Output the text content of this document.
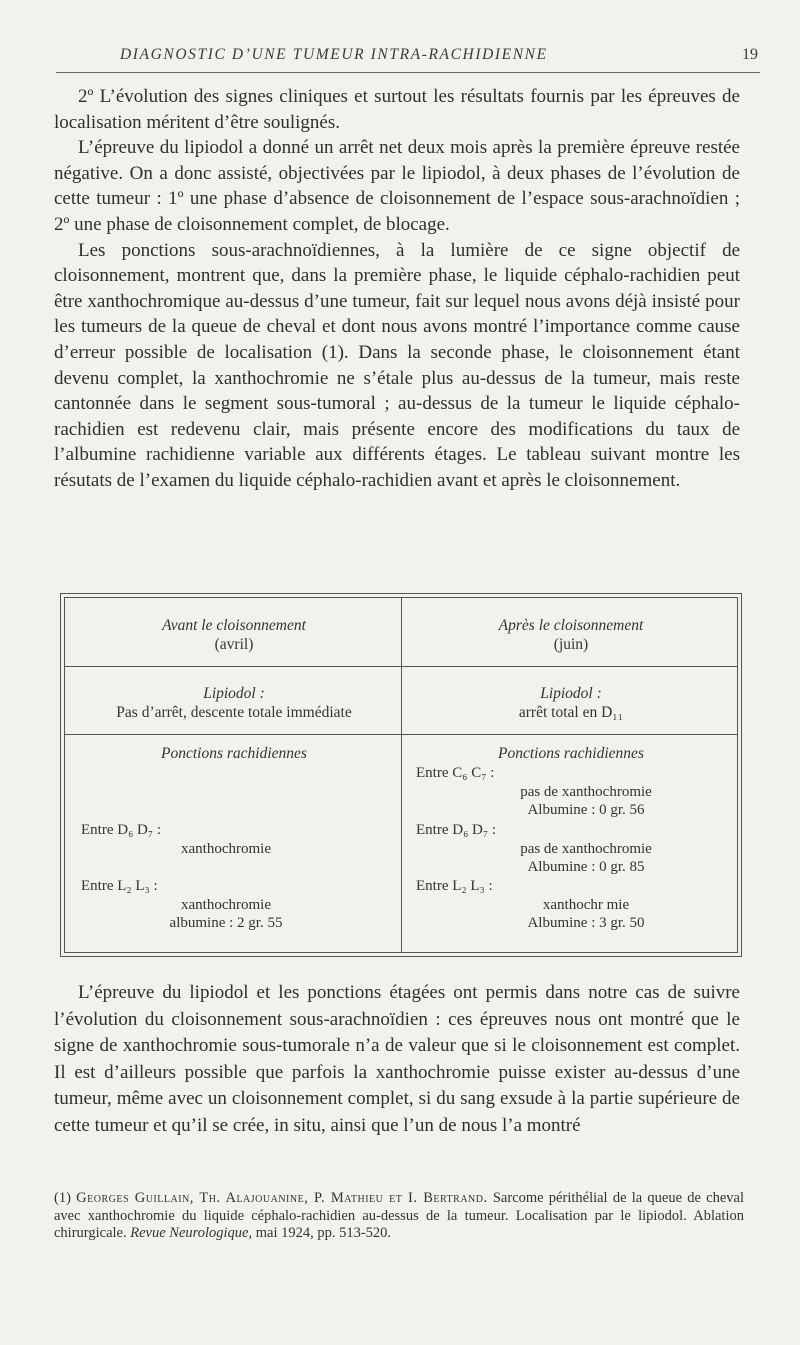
DIAGNOSTIC D’UNE TUMEUR INTRA-RACHIDIENNE	19

2º L’évolution des signes cliniques et surtout les résultats fournis par les épreuves de localisation méritent d’être soulignés.

L’épreuve du lipiodol a donné un arrêt net deux mois après la première épreuve restée négative. On a donc assisté, objectivées par le lipiodol, à deux phases de l’évolution de cette tumeur : 1º une phase d’absence de cloisonnement de l’espace sous-arachnoïdien ; 2º une phase de cloisonnement complet, de blocage.

Les ponctions sous-arachnoïdiennes, à la lumière de ce signe objectif de cloisonnement, montrent que, dans la première phase, le liquide céphalo-rachidien peut être xanthochromique au-dessus d’une tumeur, fait sur lequel nous avons déjà insisté pour les tumeurs de la queue de cheval et dont nous avons montré l’importance comme cause d’erreur possible de localisation (1). Dans la seconde phase, le cloisonnement étant devenu complet, la xanthochromie ne s’étale plus au-dessus de la tumeur, mais reste cantonnée dans le segment sous-tumoral ; au-dessus de la tumeur le liquide céphalo-rachidien est redevenu clair, mais présente encore des modifications du taux de l’albumine rachidienne variable aux différents étages. Le tableau suivant montre les résutats de l’examen du liquide céphalo-rachidien avant et après le cloisonnement.

Avant le cloisonnement
(avril)
Après le cloisonnement
(juin)
Lipiodol :
Pas d’arrêt, descente totale immédiate
Lipiodol :
arrêt total en D₁₁
Ponctions rachidiennes	Ponctions rachidiennes
Entre D₆ D₇ :
xanthochromie
Entre L₂ L₃ :
xanthochromie
albumine : 2 gr. 55
Entre C₆ C₇ :
pas de xanthochromie
Albumine : 0 gr. 56
Entre D₆ D₇ :
pas de xanthochromie
Albumine : 0 gr. 85
Entre L₂ L₃ :
xanthochr mie
Albumine : 3 gr. 50

L’épreuve du lipiodol et les ponctions étagées ont permis dans notre cas de suivre l’évolution du cloisonnement sous-arachnoïdien : ces épreuves nous ont montré que le signe de xanthochromie sous-tumorale n’a de valeur que si le cloisonnement est complet. Il est d’ailleurs possible que parfois la xanthochromie puisse exister au-dessus d’une tumeur, même avec un cloisonnement complet, si du sang exsude à la partie supérieure de cette tumeur et qu’il se crée, in situ, ainsi que l’un de nous l’a montré

(1) Georges Guillain, Th. Alajouanine, P. Mathieu et I. Bertrand. Sarcome périthélial de la queue de cheval avec xanthochromie du liquide céphalo-rachidien au-dessus de la tumeur. Localisation par le lipiodol. Ablation chirurgicale. Revue Neurologique, mai 1924, pp. 513-520.
